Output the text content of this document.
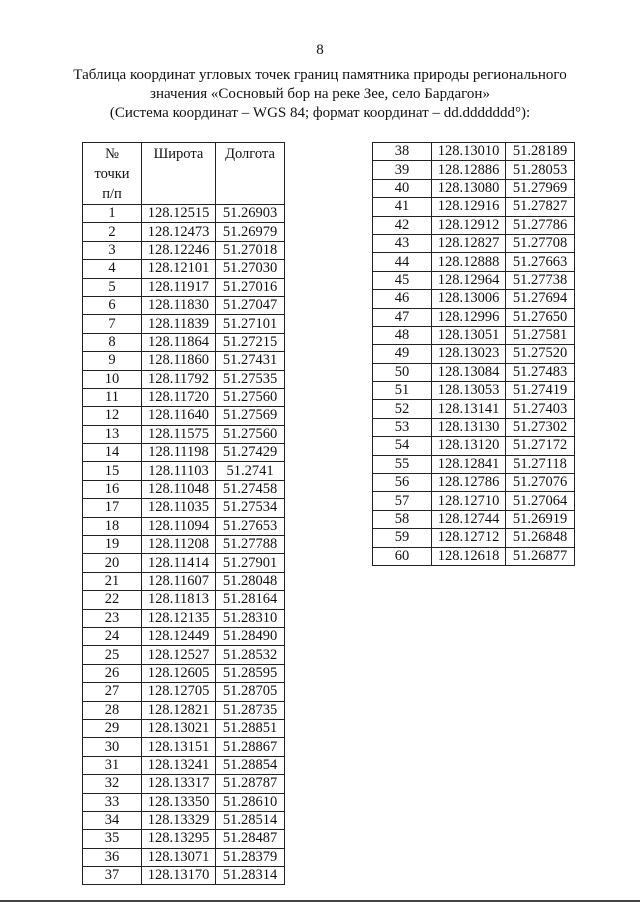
8
Таблица координат угловых точек границ памятника природы регионального
значения «Сосновый бор на реке Зее, село Бардагон»
(Система координат – WGS 84; формат координат – dd.ddddddd°):
№
точки
п/п	Широта	Долгота
1	128.12515	51.26903
2	128.12473	51.26979
3	128.12246	51.27018
4	128.12101	51.27030
5	128.11917	51.27016
6	128.11830	51.27047
7	128.11839	51.27101
8	128.11864	51.27215
9	128.11860	51.27431
10	128.11792	51.27535
11	128.11720	51.27560
12	128.11640	51.27569
13	128.11575	51.27560
14	128.11198	51.27429
15	128.11103	51.2741
16	128.11048	51.27458
17	128.11035	51.27534
18	128.11094	51.27653
19	128.11208	51.27788
20	128.11414	51.27901
21	128.11607	51.28048
22	128.11813	51.28164
23	128.12135	51.28310
24	128.12449	51.28490
25	128.12527	51.28532
26	128.12605	51.28595
27	128.12705	51.28705
28	128.12821	51.28735
29	128.13021	51.28851
30	128.13151	51.28867
31	128.13241	51.28854
32	128.13317	51.28787
33	128.13350	51.28610
34	128.13329	51.28514
35	128.13295	51.28487
36	128.13071	51.28379
37	128.13170	51.28314
38	128.13010	51.28189
39	128.12886	51.28053
40	128.13080	51.27969
41	128.12916	51.27827
42	128.12912	51.27786
43	128.12827	51.27708
44	128.12888	51.27663
45	128.12964	51.27738
46	128.13006	51.27694
47	128.12996	51.27650
48	128.13051	51.27581
49	128.13023	51.27520
50	128.13084	51.27483
51	128.13053	51.27419
52	128.13141	51.27403
53	128.13130	51.27302
54	128.13120	51.27172
55	128.12841	51.27118
56	128.12786	51.27076
57	128.12710	51.27064
58	128.12744	51.26919
59	128.12712	51.26848
60	128.12618	51.26877
